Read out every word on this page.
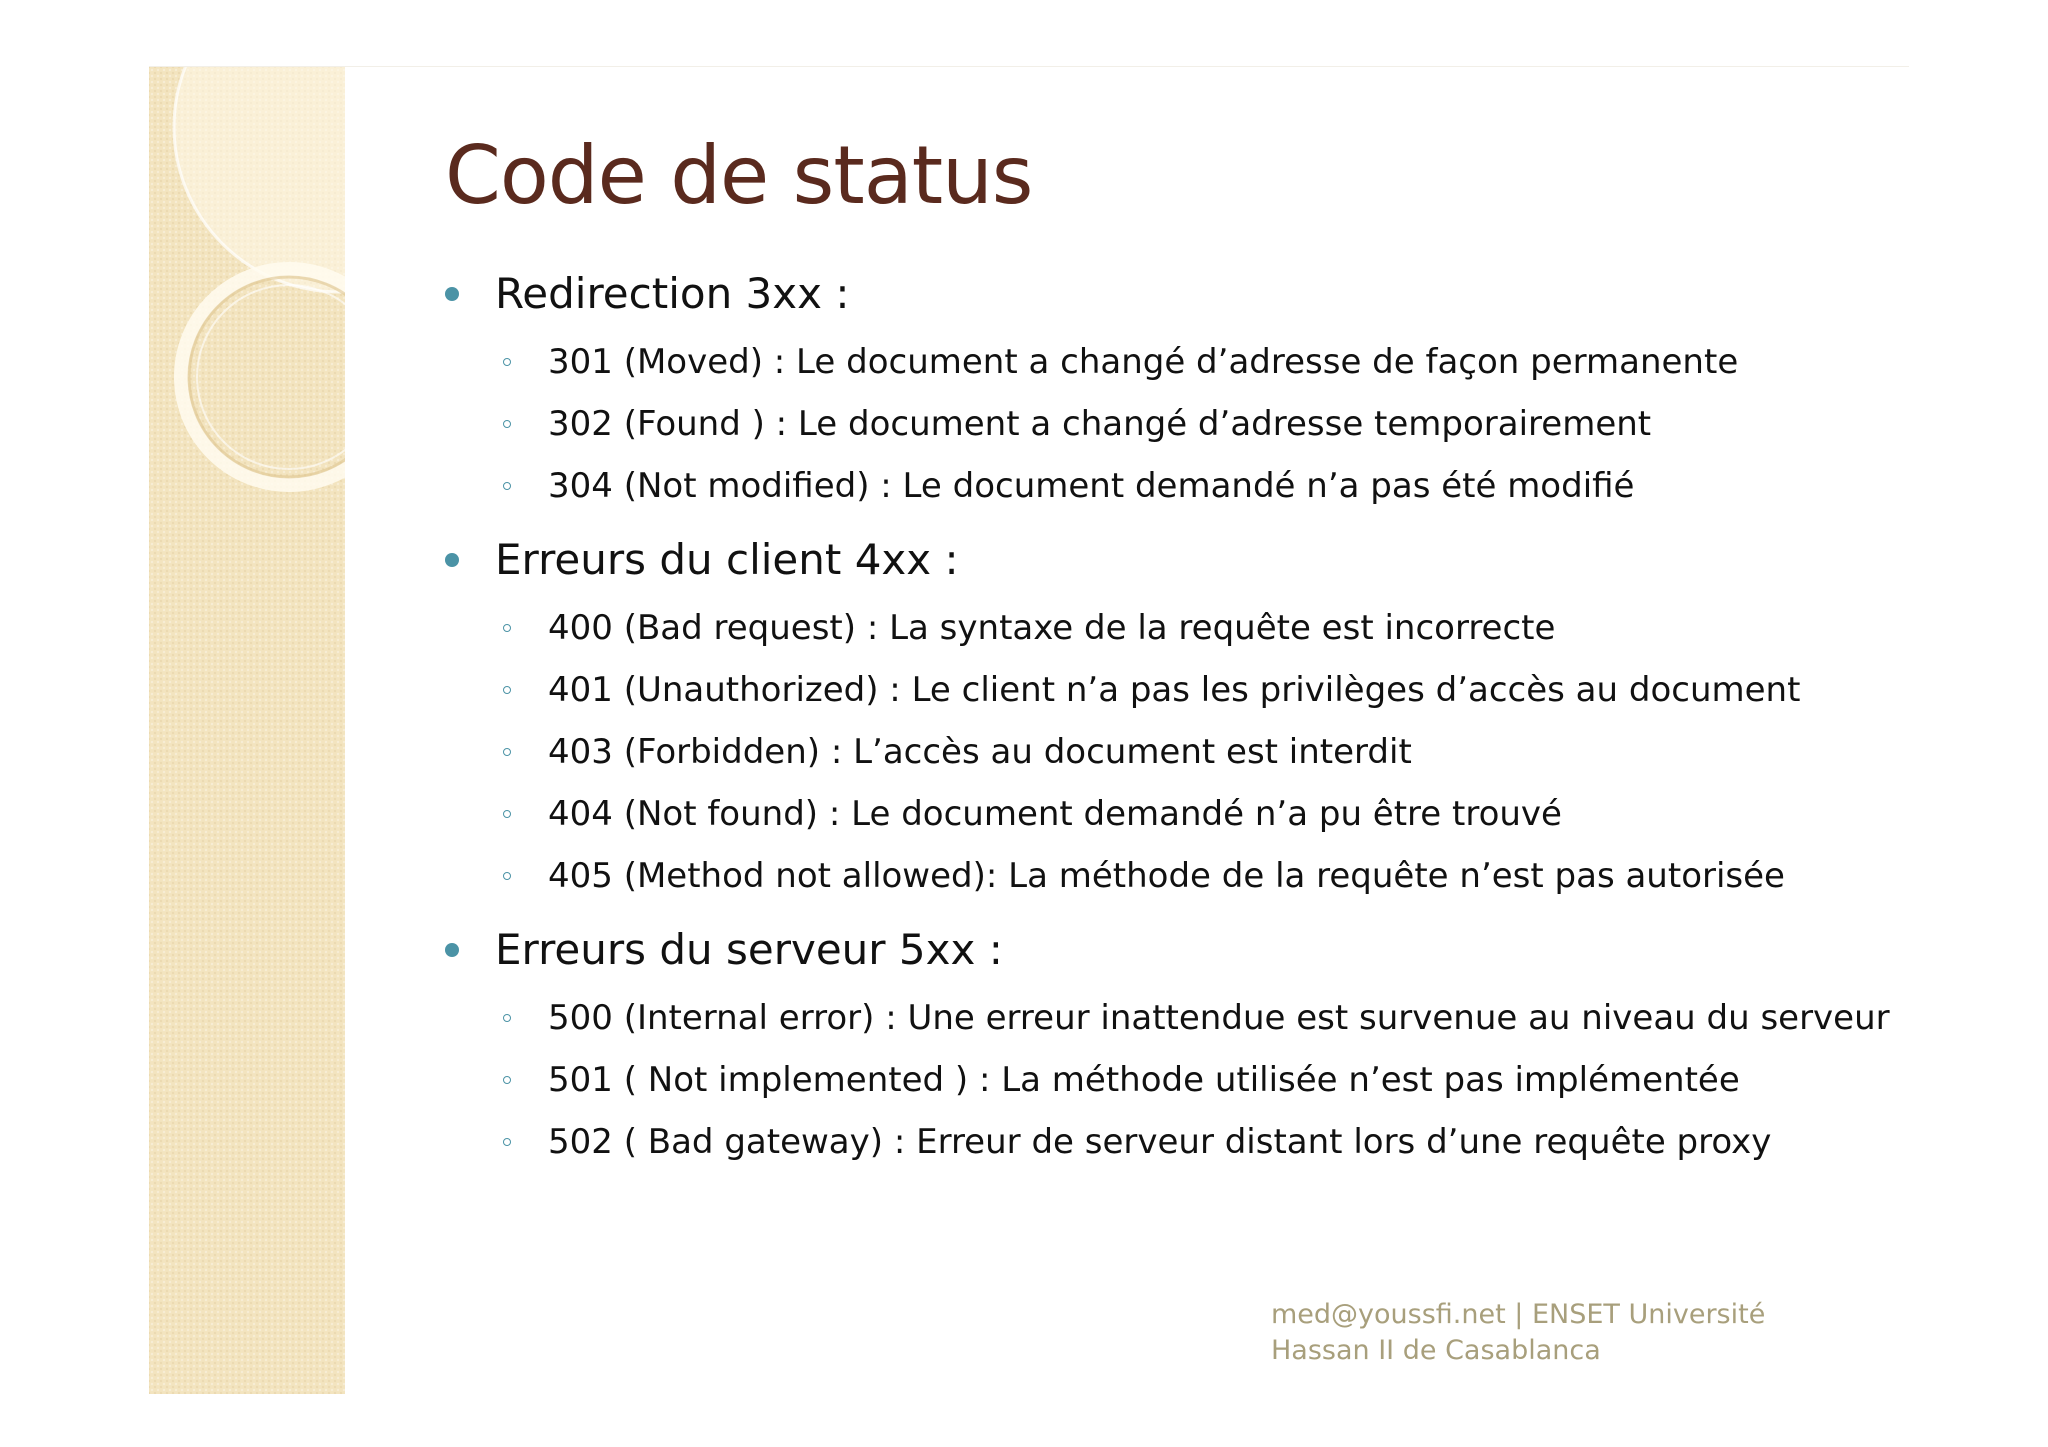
Code de status
Redirection 3xx :
301 (Moved) : Le document a changé d’adresse de façon permanente
302 (Found ) : Le document a changé d’adresse temporairement
304 (Not modified) : Le document demandé n’a pas été modifié
Erreurs du client 4xx :
400 (Bad request) : La syntaxe de la requête est incorrecte
401 (Unauthorized) : Le client n’a pas les privilèges d’accès au document
403 (Forbidden) : L’accès au document est interdit
404 (Not found) : Le document demandé n’a pu être trouvé
405 (Method not allowed): La méthode de la requête n’est pas autorisée
Erreurs du serveur 5xx :
500 (Internal error) : Une erreur inattendue est survenue au niveau du serveur
501 ( Not implemented ) : La méthode utilisée n’est pas implémentée
502 ( Bad gateway) : Erreur de serveur distant lors d’une requête proxy
med@youssfi.net | ENSET Université
Hassan II de Casablanca
